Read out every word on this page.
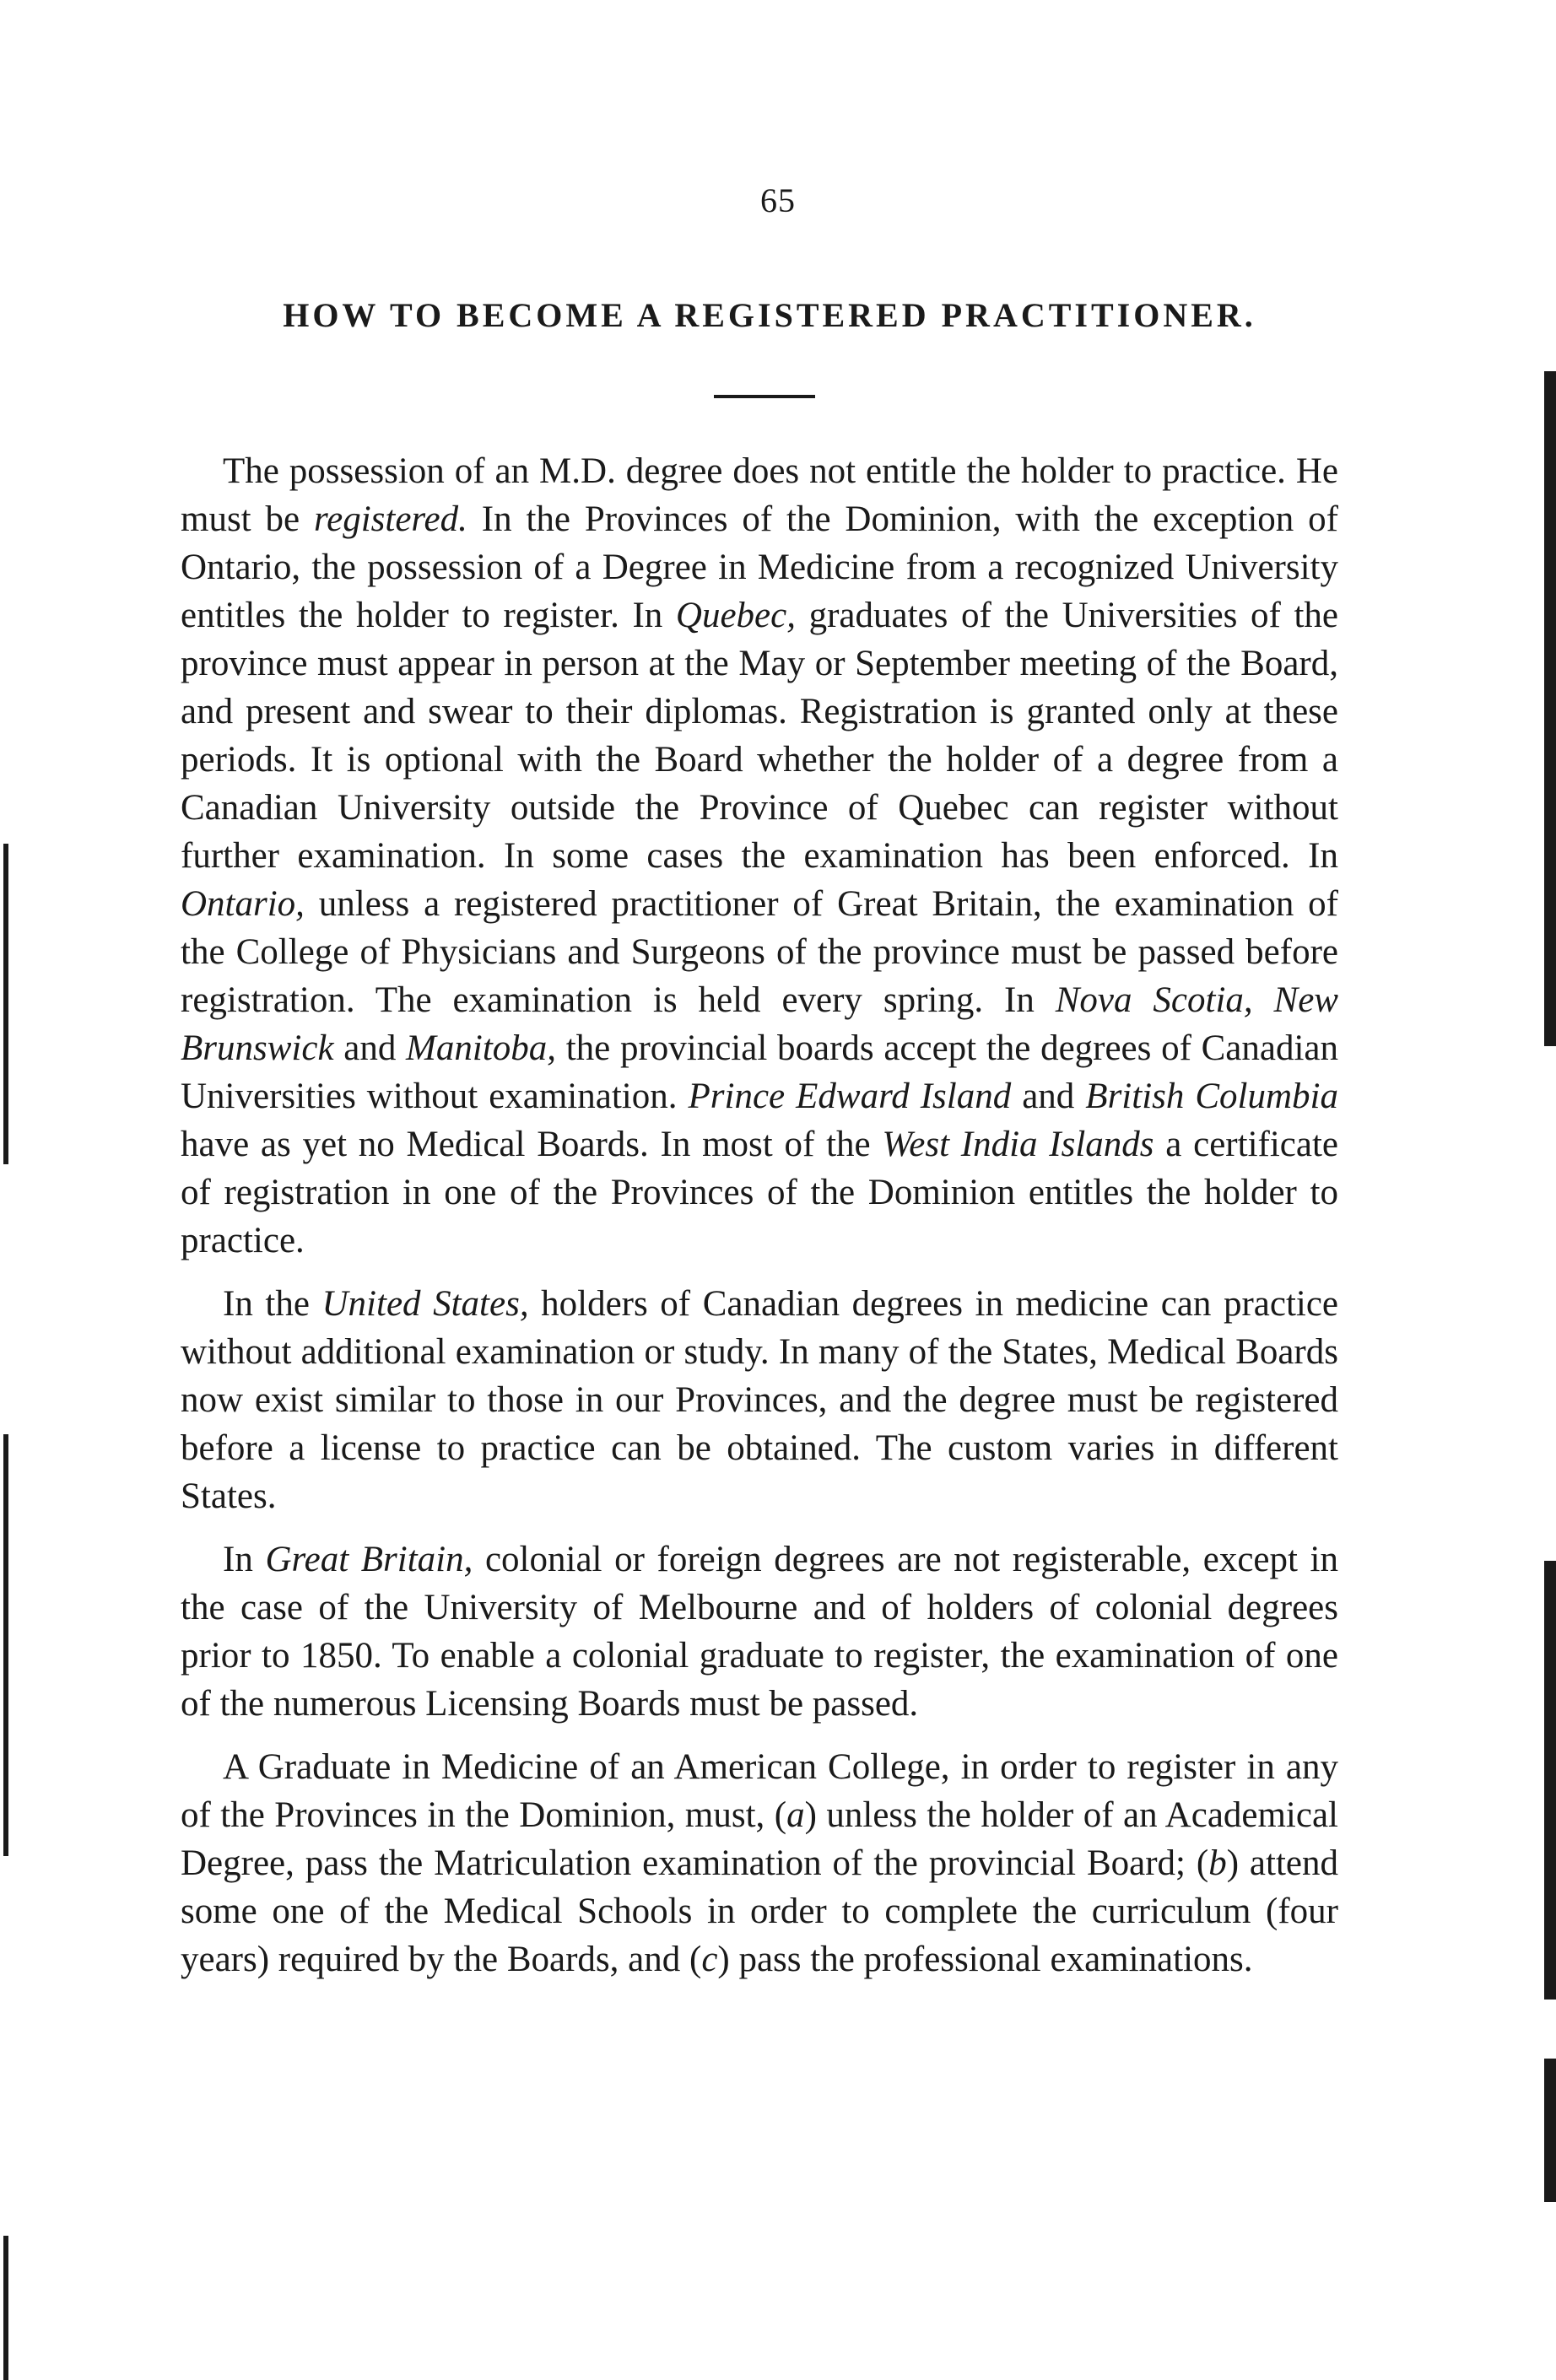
65
HOW TO BECOME A REGISTERED PRACTITIONER.

The possession of an M.D. degree does not entitle the holder to practice. He must be registered. In the Provinces of the Dominion, with the exception of Ontario, the possession of a Degree in Medicine from a recognized University entitles the holder to register. In Quebec, graduates of the Universities of the province must appear in person at the May or September meeting of the Board, and present and swear to their diplomas. Registration is granted only at these periods. It is optional with the Board whether the holder of a degree from a Canadian University outside the Province of Quebec can register without further examination. In some cases the examination has been enforced. In Ontario, unless a registered practitioner of Great Britain, the examination of the College of Physicians and Surgeons of the province must be passed before registration. The examination is held every spring. In Nova Scotia, New Brunswick and Manitoba, the provincial boards accept the degrees of Canadian Universities without examination. Prince Edward Island and British Columbia have as yet no Medical Boards. In most of the West India Islands a certificate of registration in one of the Provinces of the Dominion entitles the holder to practice.

In the United States, holders of Canadian degrees in medicine can practice without additional examination or study. In many of the States, Medical Boards now exist similar to those in our Provinces, and the degree must be registered before a license to practice can be obtained. The custom varies in different States.

In Great Britain, colonial or foreign degrees are not registerable, except in the case of the University of Melbourne and of holders of colonial degrees prior to 1850. To enable a colonial graduate to register, the examination of one of the numerous Licensing Boards must be passed.

A Graduate in Medicine of an American College, in order to register in any of the Provinces in the Dominion, must, (a) unless the holder of an Academical Degree, pass the Matriculation examination of the provincial Board; (b) attend some one of the Medical Schools in order to complete the curriculum (four years) required by the Boards, and (c) pass the professional examinations.
